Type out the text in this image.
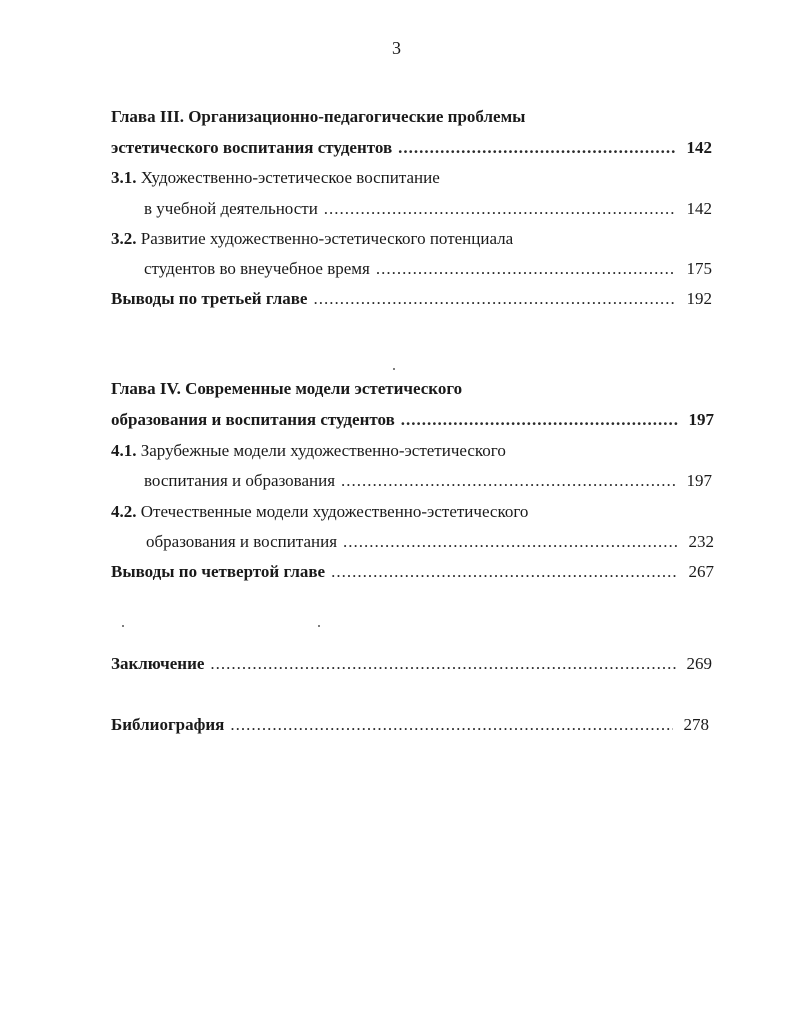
3
Глава III. Организационно-педагогические проблемы
эстетического воспитания студентов .....	142
3.1. Художественно-эстетическое воспитание
в учебной деятельности .....	142
3.2. Развитие художественно-эстетического потенциала
студентов во внеучебное время .....	175
Выводы по третьей главе .....	192
Глава IV. Современные модели эстетического
образования и воспитания студентов .....	197
4.1. Зарубежные модели художественно-эстетического
воспитания и образования .....	197
4.2. Отечественные модели художественно-эстетического
образования и воспитания .....	232
Выводы по четвертой главе .....	267
Заключение .....	269
Библиография .....	278
